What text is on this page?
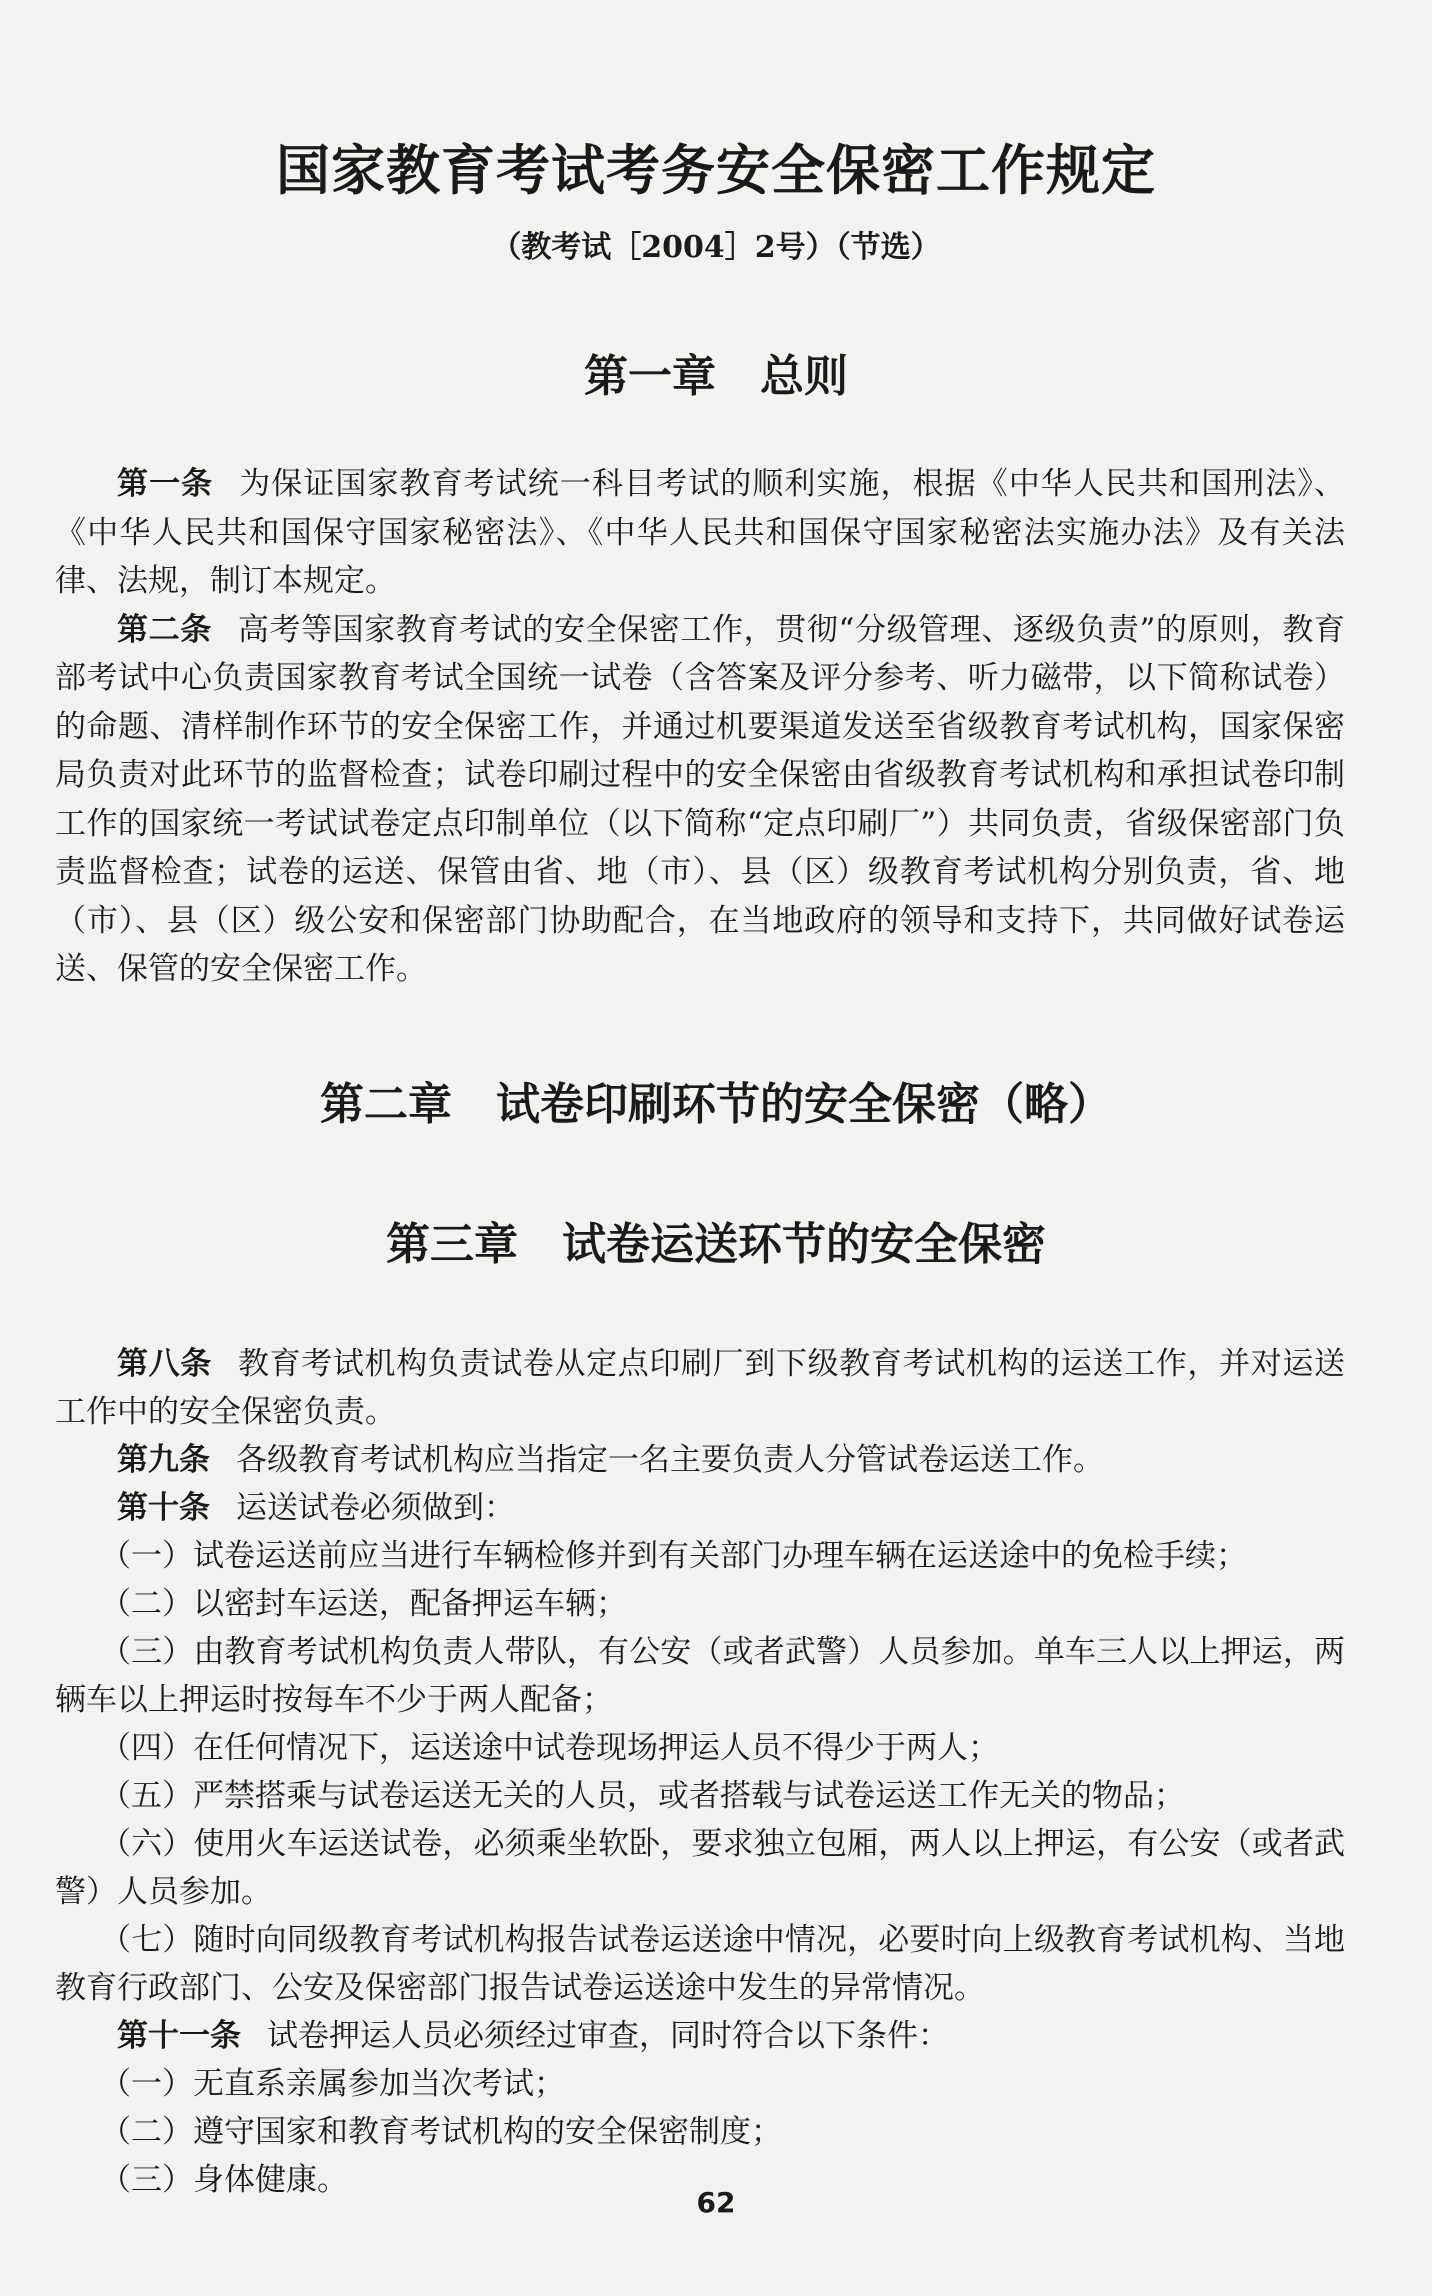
国家教育考试考务安全保密工作规定
（教考试［2004］2号）（节选）
第一章　总则

第一条 为保证国家教育考试统一科目考试的顺利实施，根据《中华人民共和国刑法》、《中华人民共和国保守国家秘密法》、《中华人民共和国保守国家秘密法实施办法》及有关法律、法规，制订本规定。

第二条 高考等国家教育考试的安全保密工作，贯彻“分级管理、逐级负责”的原则，教育部考试中心负责国家教育考试全国统一试卷（含答案及评分参考、听力磁带，以下简称试卷）的命题、清样制作环节的安全保密工作，并通过机要渠道发送至省级教育考试机构，国家保密局负责对此环节的监督检查；试卷印刷过程中的安全保密由省级教育考试机构和承担试卷印制工作的国家统一考试试卷定点印制单位（以下简称“定点印刷厂”）共同负责，省级保密部门负责监督检查；试卷的运送、保管由省、地（市）、县（区）级教育考试机构分别负责，省、地（市）、县（区）级公安和保密部门协助配合，在当地政府的领导和支持下，共同做好试卷运送、保管的安全保密工作。

第二章　试卷印刷环节的安全保密（略）
第三章　试卷运送环节的安全保密

第八条 教育考试机构负责试卷从定点印刷厂到下级教育考试机构的运送工作，并对运送工作中的安全保密负责。

第九条 各级教育考试机构应当指定一名主要负责人分管试卷运送工作。

第十条 运送试卷必须做到：

（一）试卷运送前应当进行车辆检修并到有关部门办理车辆在运送途中的免检手续；

（二）以密封车运送，配备押运车辆；

（三）由教育考试机构负责人带队，有公安（或者武警）人员参加。单车三人以上押运，两辆车以上押运时按每车不少于两人配备；

（四）在任何情况下，运送途中试卷现场押运人员不得少于两人；

（五）严禁搭乘与试卷运送无关的人员，或者搭载与试卷运送工作无关的物品；

（六）使用火车运送试卷，必须乘坐软卧，要求独立包厢，两人以上押运，有公安（或者武警）人员参加。

（七）随时向同级教育考试机构报告试卷运送途中情况，必要时向上级教育考试机构、当地教育行政部门、公安及保密部门报告试卷运送途中发生的异常情况。

第十一条 试卷押运人员必须经过审查，同时符合以下条件：

（一）无直系亲属参加当次考试；

（二）遵守国家和教育考试机构的安全保密制度；

（三）身体健康。

62
